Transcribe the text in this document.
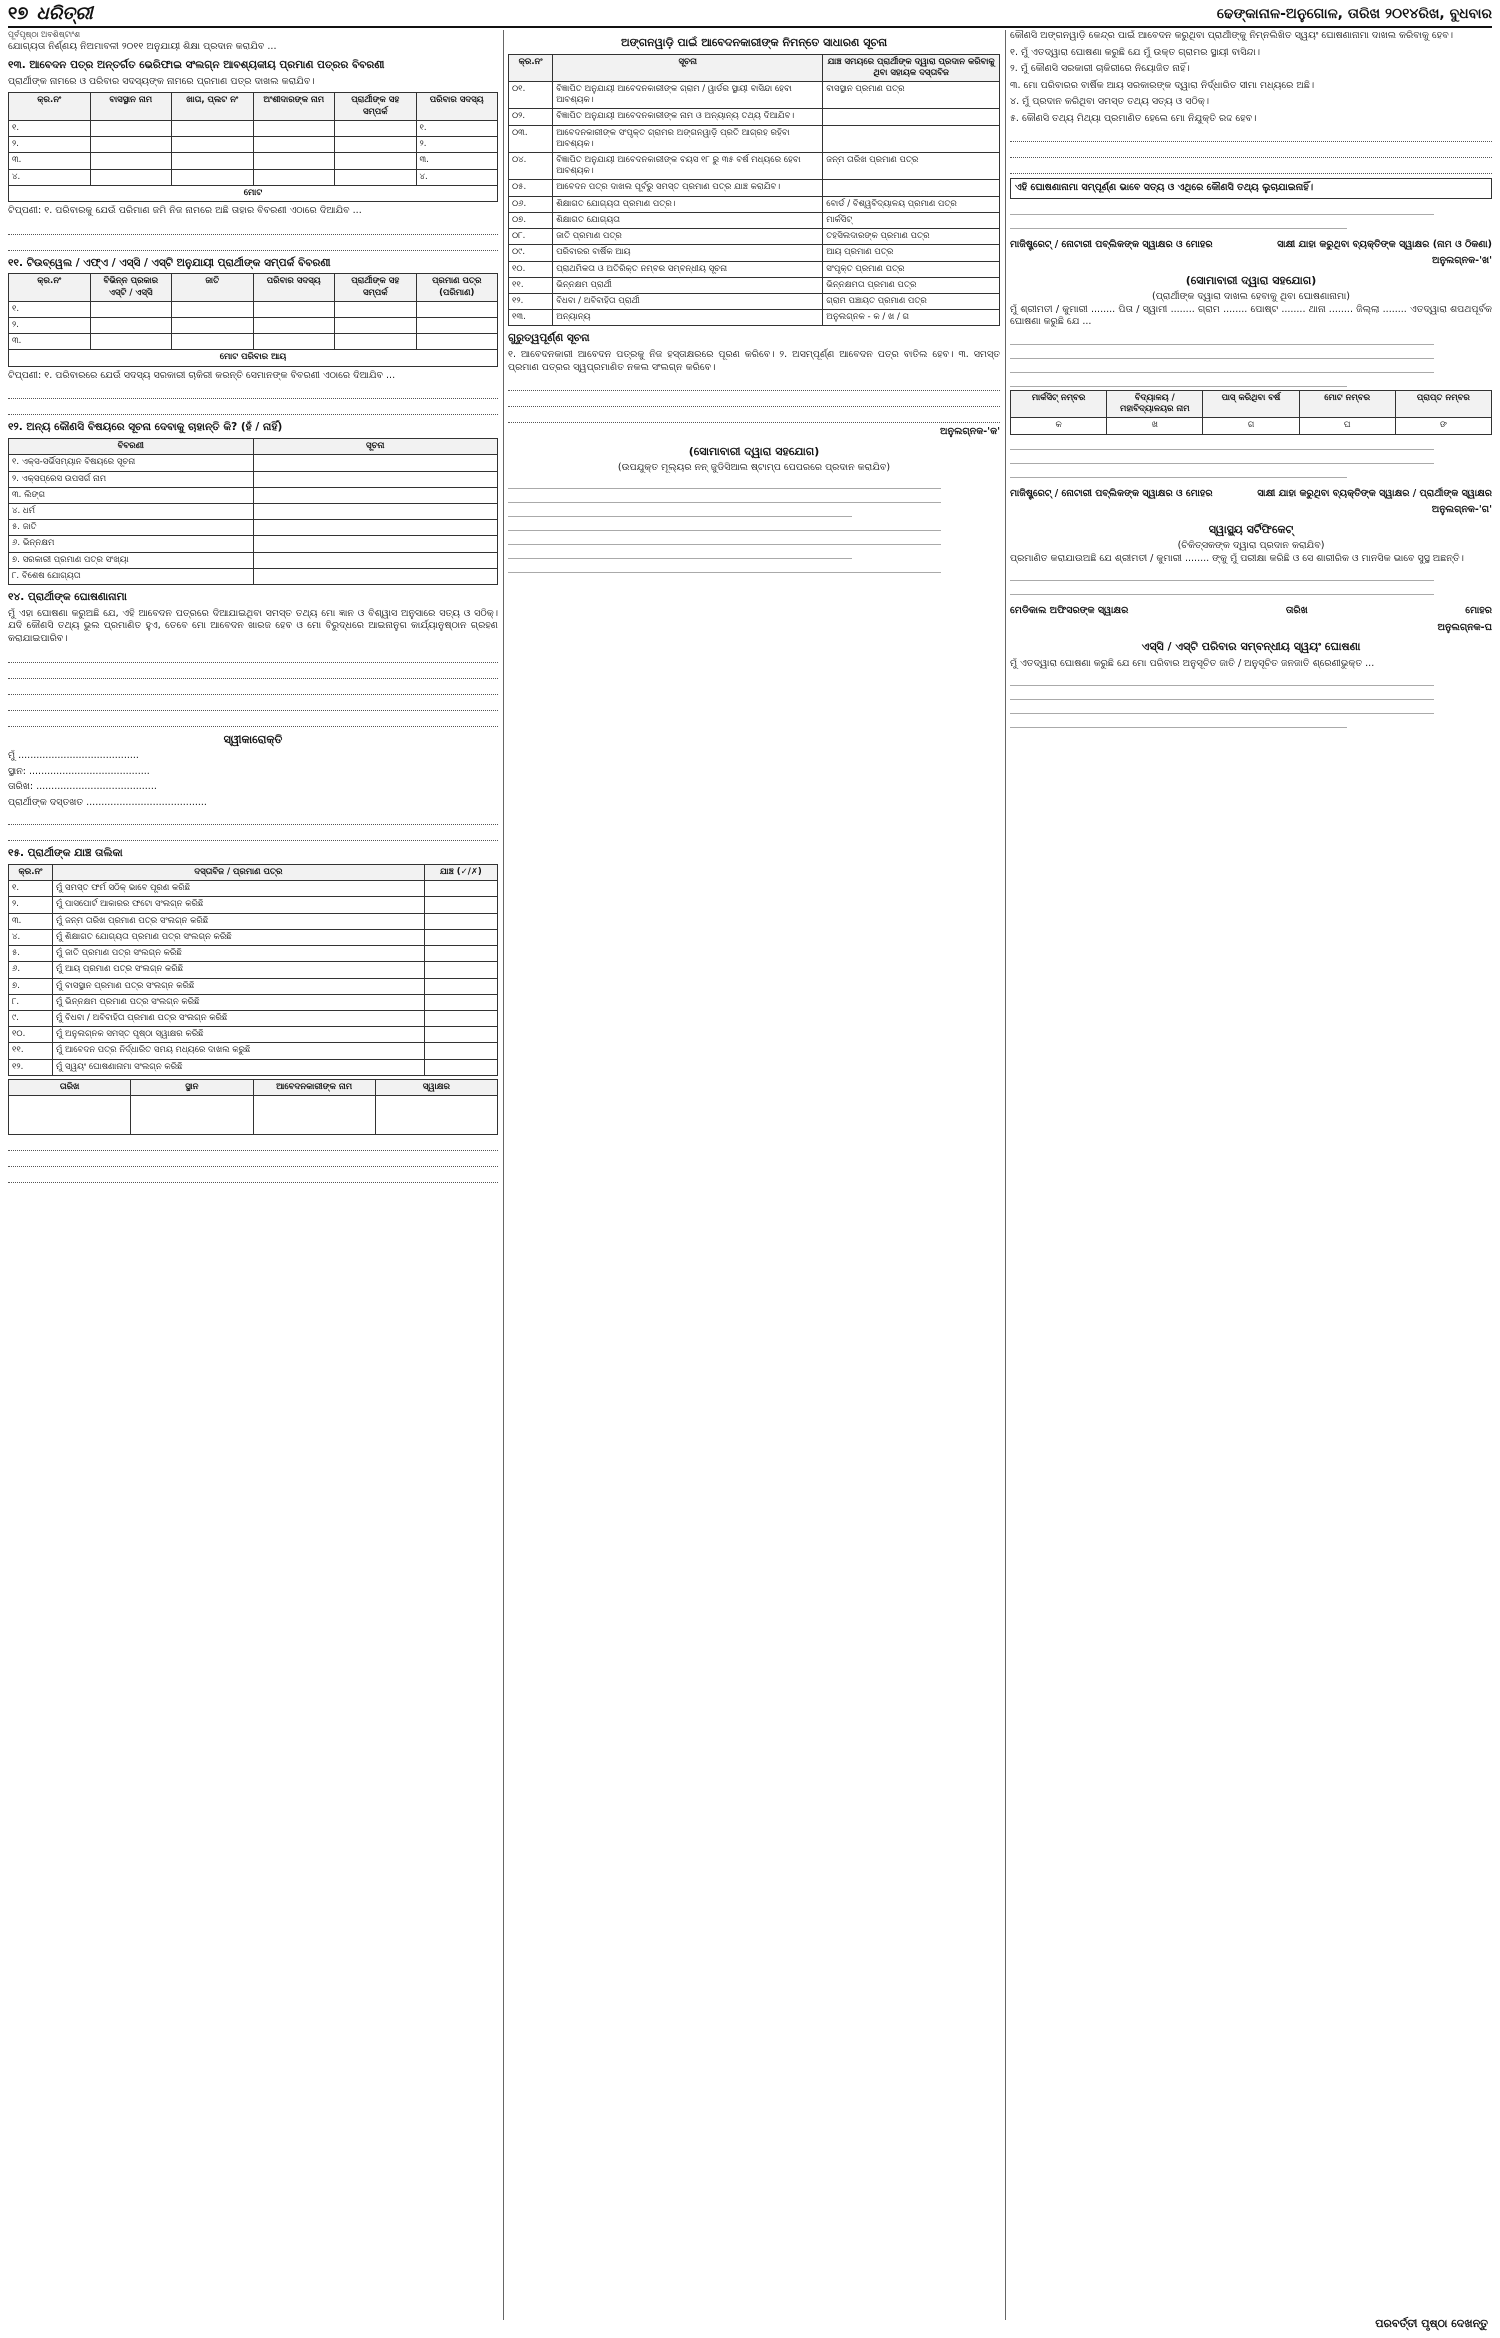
୧୭ ଧରିତ୍ରୀ	ଢେଙ୍କାନାଳ-ଅନୁଗୋଳ, ତାରିଖ ୨୦୧୪ରିଖ, ବୁଧବାର
ପୂର୍ବପୃଷ୍ଠା ଅବଶିଷ୍ଟାଂଶ
ଯୋଗ୍ୟତା ନିର୍ଣ୍ଣୟ ନିଅମାବଳୀ ୨୦୧୧ ଅନୁଯାୟୀ ଶିକ୍ଷା ପ୍ରଦାନ କରାଯିବ ...
୧୩. ଆବେଦନ ପତ୍ର ଅନ୍ତର୍ଗତ ଭେରିଫାଇ ସଂଲଗ୍ନ ଆବଶ୍ୟକୀୟ ପ୍ରମାଣ ପତ୍ରର ବିବରଣୀ
ପ୍ରାର୍ଥୀଙ୍କ ନାମରେ ଓ ପରିବାର ସଦସ୍ୟଙ୍କ ନାମରେ ପ୍ରମାଣ ପତ୍ର ଦାଖଲ କରାଯିବ।
କ୍ର.ନଂ	ବାସସ୍ଥାନ ନାମ	ଖାତା, ପ୍ଲଟ ନଂ	ଅଂଶୀଦାରଙ୍କ ନାମ	ପ୍ରାର୍ଥୀଙ୍କ ସହ ସମ୍ପର୍କ	ପରିବାର ସଦସ୍ୟ
୧.					୧.
୨.					୨.
୩.					୩.
୪.					୪.
ମୋଟ					
ଟିପ୍ପଣୀ: ୧. ପରିବାରକୁ ଯେଉଁ ପରିମାଣ ଜମି ନିଜ ନାମରେ ଅଛି ତାହାର ବିବରଣୀ ଏଠାରେ ଦିଆଯିବ ...
୧୧. ଟିଉବ୍‌ୱେଲ / ଏଫ୍‌ଏ / ଏସ୍‌ସି / ଏସ୍‌ଟି ଅନୁଯାୟୀ ପ୍ରାର୍ଥୀଙ୍କ ସମ୍ପର୍କ ବିବରଣୀ
କ୍ର.ନଂ	ବିଭିନ୍ନ ପ୍ରକାର ଏସ୍‌ଟି / ଏସ୍‌ସି	ଜାତି	ପରିବାର ସଦସ୍ୟ	ପ୍ରାର୍ଥୀଙ୍କ ସହ ସମ୍ପର୍କ	ପ୍ରମାଣ ପତ୍ର (ପରିମାଣ)
୧.					
୨.					
୩.					
ମୋଟ ପରିବାର ଆୟ					
ଟିପ୍ପଣୀ: ୧. ପରିବାରରେ ଯେଉଁ ସଦସ୍ୟ ସରକାରୀ ଚାକିରୀ କରନ୍ତି ସେମାନଙ୍କ ବିବରଣୀ ଏଠାରେ ଦିଆଯିବ ...
୧୨. ଅନ୍ୟ କୌଣସି ବିଷୟରେ ସୂଚନା ଦେବାକୁ ଚାହାନ୍ତି କି? (ହଁ / ନାହିଁ)
ବିବରଣୀ	ସୂଚନା
୧. ଏକ୍‌ସ-ସର୍ଭିସମ୍ୟାନ ବିଷୟରେ ସୂଚନା	
୨. ଏକ୍‌ସପ୍ରେସ ଉପସର୍ଗ ନାମ	
୩. ଲିଙ୍ଗ	
୪. ଧର୍ମ	
୫. ଜାତି	
୬. ଭିନ୍ନକ୍ଷମ	
୭. ସରକାରୀ ପ୍ରମାଣ ପତ୍ର ସଂଖ୍ୟା	
୮. ବିଶେଷ ଯୋଗ୍ୟତା	
୧୪. ପ୍ରାର୍ଥୀଙ୍କ ଘୋଷଣାନାମା
ମୁଁ ଏହା ଘୋଷଣା କରୁଅଛି ଯେ, ଏହି ଆବେଦନ ପତ୍ରରେ ଦିଆଯାଇଥିବା ସମସ୍ତ ତଥ୍ୟ ମୋ ଜ୍ଞାନ ଓ ବିଶ୍ୱାସ ଅନୁସାରେ ସତ୍ୟ ଓ ସଠିକ୍। ଯଦି କୌଣସି ତଥ୍ୟ ଭୁଲ ପ୍ରମାଣିତ ହୁଏ, ତେବେ ମୋ ଆବେଦନ ଖାରଜ ହେବ ଓ ମୋ ବିରୁଦ୍ଧରେ ଆଇନାନୁଗ କାର୍ଯ୍ୟାନୁଷ୍ଠାନ ଗ୍ରହଣ କରାଯାଇପାରିବ।
ସ୍ୱୀକାରୋକ୍ତି
ମୁଁ ........................................
ସ୍ଥାନ: ........................................
ତାରିଖ: ........................................
ପ୍ରାର୍ଥୀଙ୍କ ଦସ୍ତଖତ ........................................
୧୫. ପ୍ରାର୍ଥୀଙ୍କ ଯାଞ୍ଚ ତାଲିକା
କ୍ର.ନଂ	ଦସ୍ତାବିଜ / ପ୍ରମାଣ ପତ୍ର	ଯାଞ୍ଚ (✓/✗)
୧.	ମୁଁ ସମସ୍ତ ଫର୍ମ ସଠିକ୍ ଭାବେ ପୂରଣ କରିଛି	
୨.	ମୁଁ ପାସପୋର୍ଟ ଆକାରର ଫଟୋ ସଂଲଗ୍ନ କରିଛି	
୩.	ମୁଁ ଜନ୍ମ ତାରିଖ ପ୍ରମାଣ ପତ୍ର ସଂଲଗ୍ନ କରିଛି	
୪.	ମୁଁ ଶିକ୍ଷାଗତ ଯୋଗ୍ୟତା ପ୍ରମାଣ ପତ୍ର ସଂଲଗ୍ନ କରିଛି	
୫.	ମୁଁ ଜାତି ପ୍ରମାଣ ପତ୍ର ସଂଲଗ୍ନ କରିଛି	
୬.	ମୁଁ ଆୟ ପ୍ରମାଣ ପତ୍ର ସଂଲଗ୍ନ କରିଛି	
୭.	ମୁଁ ବାସସ୍ଥାନ ପ୍ରମାଣ ପତ୍ର ସଂଲଗ୍ନ କରିଛି	
୮.	ମୁଁ ଭିନ୍ନକ୍ଷମ ପ୍ରମାଣ ପତ୍ର ସଂଲଗ୍ନ କରିଛି	
୯.	ମୁଁ ବିଧବା / ଅବିବାହିତା ପ୍ରମାଣ ପତ୍ର ସଂଲଗ୍ନ କରିଛି	
୧୦.	ମୁଁ ଅନୁଲଗ୍ନକ ସମସ୍ତ ପୃଷ୍ଠା ସ୍ୱାକ୍ଷର କରିଛି	
୧୧.	ମୁଁ ଆବେଦନ ପତ୍ର ନିର୍ଦ୍ଧାରିତ ସମୟ ମଧ୍ୟରେ ଦାଖଲ କରୁଛି	
୧୨.	ମୁଁ ସ୍ୱୟଂ ଘୋଷଣାନାମା ସଂଲଗ୍ନ କରିଛି	
ତାରିଖ	ସ୍ଥାନ	ଆବେଦନକାରୀଙ୍କ ନାମ	ସ୍ୱାକ୍ଷର

ଅଙ୍ଗନୱାଡ଼ି ପାଇଁ ଆବେଦନକାରୀଙ୍କ ନିମନ୍ତେ ସାଧାରଣ ସୂଚନା
କ୍ର.ନଂ	ସୂଚନା	ଯାଞ୍ଚ ସମୟରେ ପ୍ରାର୍ଥୀଙ୍କ ଦ୍ୱାରା ପ୍ରଦାନ କରିବାକୁ ଥିବା ସହାୟକ ଦସ୍ତାବିଜ
୦୧.	ବିଜ୍ଞାପିତ ଅନୁଯାୟୀ ଆବେଦନକାରୀଙ୍କ ଗ୍ରାମ / ୱାର୍ଡର ସ୍ଥାୟୀ ବାସିନ୍ଦା ହେବା ଆବଶ୍ୟକ।	ବାସସ୍ଥାନ ପ୍ରମାଣ ପତ୍ର
୦୨.	ବିଜ୍ଞାପିତ ଅନୁଯାୟୀ ଆବେଦନକାରୀଙ୍କ ନାମ ଓ ଅନ୍ୟାନ୍ୟ ତଥ୍ୟ ଦିଆଯିବ।	
୦୩.	ଆବେଦନକାରୀଙ୍କ ସଂପୃକ୍ତ ଗ୍ରାମର ଅଙ୍ଗନୱାଡ଼ି ପ୍ରତି ଆଗ୍ରହ ରହିବା ଆବଶ୍ୟକ।	
୦୪.	ବିଜ୍ଞାପିତ ଅନୁଯାୟୀ ଆବେଦନକାରୀଙ୍କ ବୟସ ୧୮ ରୁ ୩୫ ବର୍ଷ ମଧ୍ୟରେ ହେବା ଆବଶ୍ୟକ।	ଜନ୍ମ ତାରିଖ ପ୍ରମାଣ ପତ୍ର
୦୫.	ଆବେଦନ ପତ୍ର ଦାଖଲ ପୂର୍ବରୁ ସମସ୍ତ ପ୍ରମାଣ ପତ୍ର ଯାଞ୍ଚ କରାଯିବ।	
୦୬.	ଶିକ୍ଷାଗତ ଯୋଗ୍ୟତା ପ୍ରମାଣ ପତ୍ର।	ବୋର୍ଡ / ବିଶ୍ୱବିଦ୍ୟାଳୟ ପ୍ରମାଣ ପତ୍ର
୦୭.	ଶିକ୍ଷାଗତ ଯୋଗ୍ୟତା	ମାର୍କସିଟ୍
୦୮.	ଜାତି ପ୍ରମାଣ ପତ୍ର	ତହସିଲଦାରଙ୍କ ପ୍ରମାଣ ପତ୍ର
୦୯.	ପରିବାରର ବାର୍ଷିକ ଆୟ	ଆୟ ପ୍ରମାଣ ପତ୍ର
୧୦.	ପ୍ରାଥମିକତା ଓ ଅତିରିକ୍ତ ନମ୍ବର ସମ୍ବନ୍ଧୀୟ ସୂଚନା	ସଂପୃକ୍ତ ପ୍ରମାଣ ପତ୍ର
୧୧.	ଭିନ୍ନକ୍ଷମ ପ୍ରାର୍ଥୀ	ଭିନ୍ନକ୍ଷମତା ପ୍ରମାଣ ପତ୍ର
୧୨.	ବିଧବା / ଅବିବାହିତା ପ୍ରାର୍ଥୀ	ଗ୍ରାମ ପଞ୍ଚାୟତ ପ୍ରମାଣ ପତ୍ର
୧୩.	ଅନ୍ୟାନ୍ୟ	ଅନୁଲଗ୍ନକ - କ / ଖ / ଗ
ଗୁରୁତ୍ୱପୂର୍ଣ୍ଣ ସୂଚନା
୧. ଆବେଦନକାରୀ ଆବେଦନ ପତ୍ରକୁ ନିଜ ହସ୍ତାକ୍ଷରରେ ପୂରଣ କରିବେ। ୨. ଅସମ୍ପୂର୍ଣ୍ଣ ଆବେଦନ ପତ୍ର ବାତିଲ ହେବ। ୩. ସମସ୍ତ ପ୍ରମାଣ ପତ୍ରର ସ୍ୱପ୍ରମାଣିତ ନକଲ ସଂଲଗ୍ନ କରିବେ।
ଅନୁଲଗ୍ନକ-'କ'
(ସୋମାବାରୀ ଦ୍ୱାରା ସହଯୋଗ)
(ଉପଯୁକ୍ତ ମୂଲ୍ୟର ନନ୍ ଜୁଡିସିଆଲ ଷ୍ଟାମ୍ପ ପେପରରେ ପ୍ରଦାନ କରାଯିବ)
କୌଣସି ଅଙ୍ଗନୱାଡ଼ି କେନ୍ଦ୍ର ପାଇଁ ଆବେଦନ କରୁଥିବା ପ୍ରାର୍ଥୀଙ୍କୁ ନିମ୍ନଲିଖିତ ସ୍ୱୟଂ ଘୋଷଣାନାମା ଦାଖଲ କରିବାକୁ ହେବ।
୧. ମୁଁ ଏତଦ୍ୱାରା ଘୋଷଣା କରୁଛି ଯେ ମୁଁ ଉକ୍ତ ଗ୍ରାମର ସ୍ଥାୟୀ ବାସିନ୍ଦା।
୨. ମୁଁ କୌଣସି ସରକାରୀ ଚାକିରୀରେ ନିୟୋଜିତ ନାହିଁ।
୩. ମୋ ପରିବାରର ବାର୍ଷିକ ଆୟ ସରକାରଙ୍କ ଦ୍ୱାରା ନିର୍ଦ୍ଧାରିତ ସୀମା ମଧ୍ୟରେ ଅଛି।
୪. ମୁଁ ପ୍ରଦାନ କରିଥିବା ସମସ୍ତ ତଥ୍ୟ ସତ୍ୟ ଓ ସଠିକ୍।
୫. କୌଣସି ତଥ୍ୟ ମିଥ୍ୟା ପ୍ରମାଣିତ ହେଲେ ମୋ ନିଯୁକ୍ତି ରଦ୍ଦ ହେବ।
ଏହି ଘୋଷଣାନାମା ସମ୍ପୂର୍ଣ୍ଣ ଭାବେ ସତ୍ୟ ଓ ଏଥିରେ କୌଣସି ତଥ୍ୟ ଲୁଚାଯାଇନାହିଁ।
ମାଜିଷ୍ଟ୍ରେଟ୍ / ନୋଟାରୀ ପବ୍ଲିକଙ୍କ ସ୍ୱାକ୍ଷର ଓ ମୋହର	ସାକ୍ଷୀ ଯାହା କରୁଥିବା ବ୍ୟକ୍ତିଙ୍କ ସ୍ୱାକ୍ଷର (ନାମ ଓ ଠିକଣା)
ଅନୁଲଗ୍ନକ-'ଖ'
(ସୋମାବାରୀ ଦ୍ୱାରା ସହଯୋଗ)
(ପ୍ରାର୍ଥୀଙ୍କ ଦ୍ୱାରା ଦାଖଲ ହେବାକୁ ଥିବା ଘୋଷଣାନାମା)
ମୁଁ ଶ୍ରୀମତୀ / କୁମାରୀ ........ ପିତା / ସ୍ୱାମୀ ........ ଗ୍ରାମ ........ ପୋଷ୍ଟ ........ ଥାନା ........ ଜିଲ୍ଲା ........ ଏତଦ୍ୱାରା ଶପଥପୂର୍ବକ ଘୋଷଣା କରୁଛି ଯେ ...
ମାର୍କସିଟ୍ ନମ୍ବର	ବିଦ୍ୟାଳୟ / ମହାବିଦ୍ୟାଳୟର ନାମ	ପାସ୍ କରିଥିବା ବର୍ଷ	ମୋଟ ନମ୍ବର	ପ୍ରାପ୍ତ ନମ୍ବର
କ	ଖ	ଗ	ଘ	ଙ
ମାଜିଷ୍ଟ୍ରେଟ୍ / ନୋଟାରୀ ପବ୍ଲିକଙ୍କ ସ୍ୱାକ୍ଷର ଓ ମୋହର	ସାକ୍ଷୀ ଯାହା କରୁଥିବା ବ୍ୟକ୍ତିଙ୍କ ସ୍ୱାକ୍ଷର / ପ୍ରାର୍ଥୀଙ୍କ ସ୍ୱାକ୍ଷର
ଅନୁଲଗ୍ନକ-'ଗ'
ସ୍ୱାସ୍ଥ୍ୟ ସର୍ଟିଫିକେଟ୍
(ଚିକିତ୍ସକଙ୍କ ଦ୍ୱାରା ପ୍ରଦାନ କରାଯିବ)
ପ୍ରମାଣିତ କରାଯାଉଅଛି ଯେ ଶ୍ରୀମତୀ / କୁମାରୀ ........ ଙ୍କୁ ମୁଁ ପରୀକ୍ଷା କରିଛି ଓ ସେ ଶାରୀରିକ ଓ ମାନସିକ ଭାବେ ସୁସ୍ଥ ଅଛନ୍ତି।
ମେଡିକାଲ ଅଫିସରଙ୍କ ସ୍ୱାକ୍ଷର	ତାରିଖ	ମୋହର
ଅନୁଲଗ୍ନକ-ଘ
ଏସ୍‌ସି / ଏସ୍‌ଟି ପରିବାର ସମ୍ବନ୍ଧୀୟ ସ୍ୱୟଂ ଘୋଷଣା
ମୁଁ ଏତଦ୍ୱାରା ଘୋଷଣା କରୁଛି ଯେ ମୋ ପରିବାର ଅନୁସୂଚିତ ଜାତି / ଅନୁସୂଚିତ ଜନଜାତି ଶ୍ରେଣୀଭୁକ୍ତ ...
ପରବର୍ତ୍ତୀ ପୃଷ୍ଠା ଦେଖନ୍ତୁ
